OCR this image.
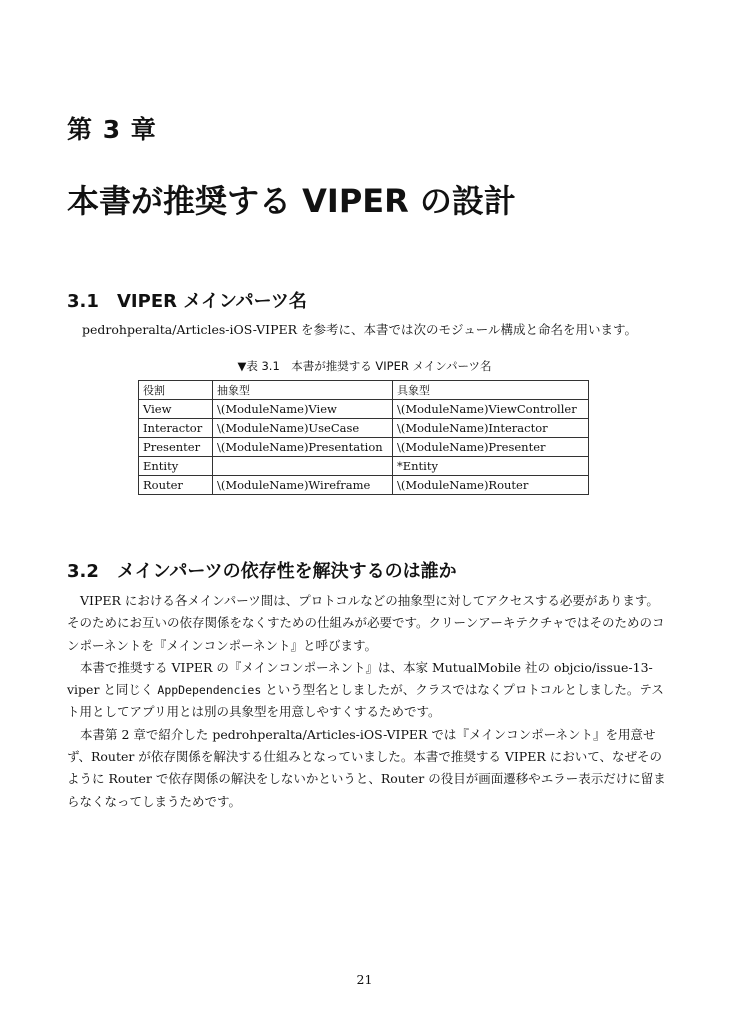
第 3 章
本書が推奨する VIPER の設計
3.1 VIPER メインパーツ名
pedrohperalta/Articles-iOS-VIPER を参考に、本書では次のモジュール構成と命名を用います。
▼表 3.1　本書が推奨する VIPER メインパーツ名
役割	抽象型	具象型
View	\(ModuleName)View	\(ModuleName)ViewController
Interactor	\(ModuleName)UseCase	\(ModuleName)Interactor
Presenter	\(ModuleName)Presentation	\(ModuleName)Presenter
Entity		*Entity
Router	\(ModuleName)Wireframe	\(ModuleName)Router
3.2 メインパーツの依存性を解決するのは誰か

VIPER における各メインパーツ間は、プロトコルなどの抽象型に対してアクセスする必要があります。そのためにお互いの依存関係をなくすための仕組みが必要です。クリーンアーキテクチャではそのためのコンポーネントを『メインコンポーネント』と呼びます。

本書で推奨する VIPER の『メインコンポーネント』は、本家 MutualMobile 社の objcio/issue-13-viper と同じく AppDependencies という型名としましたが、クラスではなくプロトコルとしました。テスト用としてアプリ用とは別の具象型を用意しやすくするためです。

本書第 2 章で紹介した pedrohperalta/Articles-iOS-VIPER では『メインコンポーネント』を用意せず、Router が依存関係を解決する仕組みとなっていました。本書で推奨する VIPER において、なぜそのように Router で依存関係の解決をしないかというと、Router の役目が画面遷移やエラー表示だけに留まらなくなってしまうためです。

21
